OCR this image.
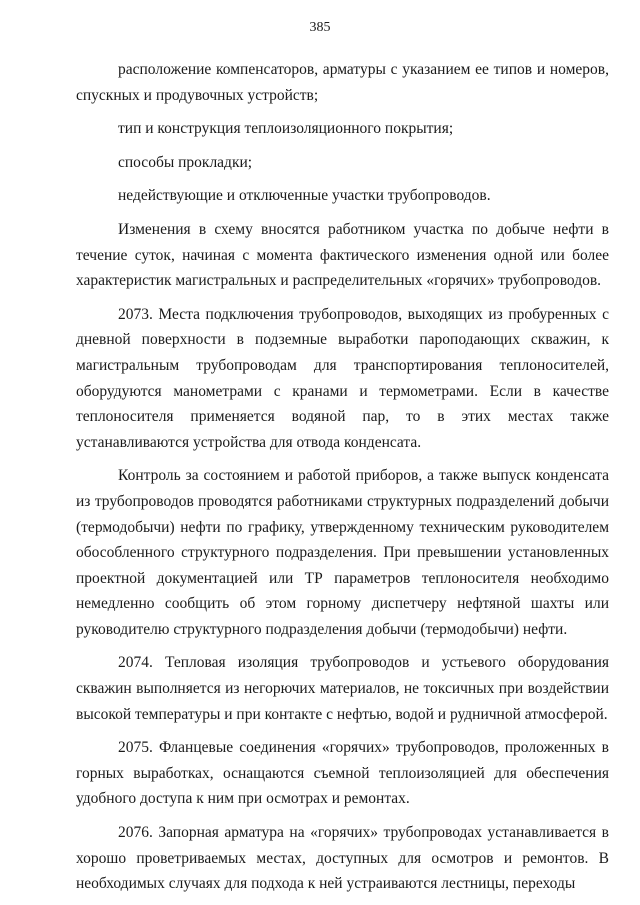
385

расположение компенсаторов, арматуры с указанием ее типов и номеров, спускных и продувочных устройств;

тип и конструкция теплоизоляционного покрытия;

способы прокладки;

недействующие и отключенные участки трубопроводов.

Изменения в схему вносятся работником участка по добыче нефти в течение суток, начиная с момента фактического изменения одной или более характеристик магистральных и распределительных «горячих» трубопроводов.

2073. Места подключения трубопроводов, выходящих из пробуренных с дневной поверхности в подземные выработки пароподающих скважин, к магистральным трубопроводам для транспортирования теплоносителей, оборудуются манометрами с кранами и термометрами. Если в качестве теплоносителя применяется водяной пар, то в этих местах также устанавливаются устройства для отвода конденсата.

Контроль за состоянием и работой приборов, а также выпуск конденсата из трубопроводов проводятся работниками структурных подразделений добычи (термодобычи) нефти по графику, утвержденному техническим руководителем обособленного структурного подразделения. При превышении установленных проектной документацией или ТР параметров теплоносителя необходимо немедленно сообщить об этом горному диспетчеру нефтяной шахты или руководителю структурного подразделения добычи (термодобычи) нефти.

2074. Тепловая изоляция трубопроводов и устьевого оборудования скважин выполняется из негорючих материалов, не токсичных при воздействии высокой температуры и при контакте с нефтью, водой и рудничной атмосферой.

2075. Фланцевые соединения «горячих» трубопроводов, проложенных в горных выработках, оснащаются съемной теплоизоляцией для обеспечения удобного доступа к ним при осмотрах и ремонтах.

2076. Запорная арматура на «горячих» трубопроводах устанавливается в хорошо проветриваемых местах, доступных для осмотров и ремонтов. В необходимых случаях для подхода к ней устраиваются лестницы, переходы
